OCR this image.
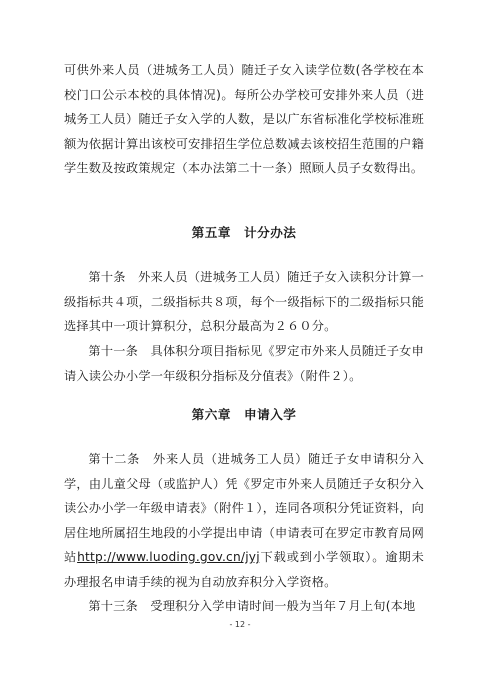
可供外来人员（进城务工人员）随迁子女入读学位数(各学校在本校门口公示本校的具体情况)。每所公办学校可安排外来人员（进城务工人员）随迁子女入学的人数，是以广东省标准化学校标准班额为依据计算出该校可安排招生学位总数减去该校招生范围的户籍学生数及按政策规定（本办法第二十一条）照顾人员子女数得出。

第五章　计分办法

第十条　外来人员（进城务工人员）随迁子女入读积分计算一级指标共４项，二级指标共８项，每个一级指标下的二级指标只能选择其中一项计算积分，总积分最高为２６０分。

第十一条　具体积分项目指标见《罗定市外来人员随迁子女申请入读公办小学一年级积分指标及分值表》（附件２）。

第六章　申请入学

第十二条　外来人员（进城务工人员）随迁子女申请积分入学，由儿童父母（或监护人）凭《罗定市外来人员随迁子女积分入读公办小学一年级申请表》（附件１），连同各项积分凭证资料，向居住地所属招生地段的小学提出申请（申请表可在罗定市教育局网站http://www.luoding.gov.cn/jyj下载或到小学领取）。逾期未办理报名申请手续的视为自动放弃积分入学资格。

第十三条　受理积分入学申请时间一般为当年７月上旬(本地

- 12 -
